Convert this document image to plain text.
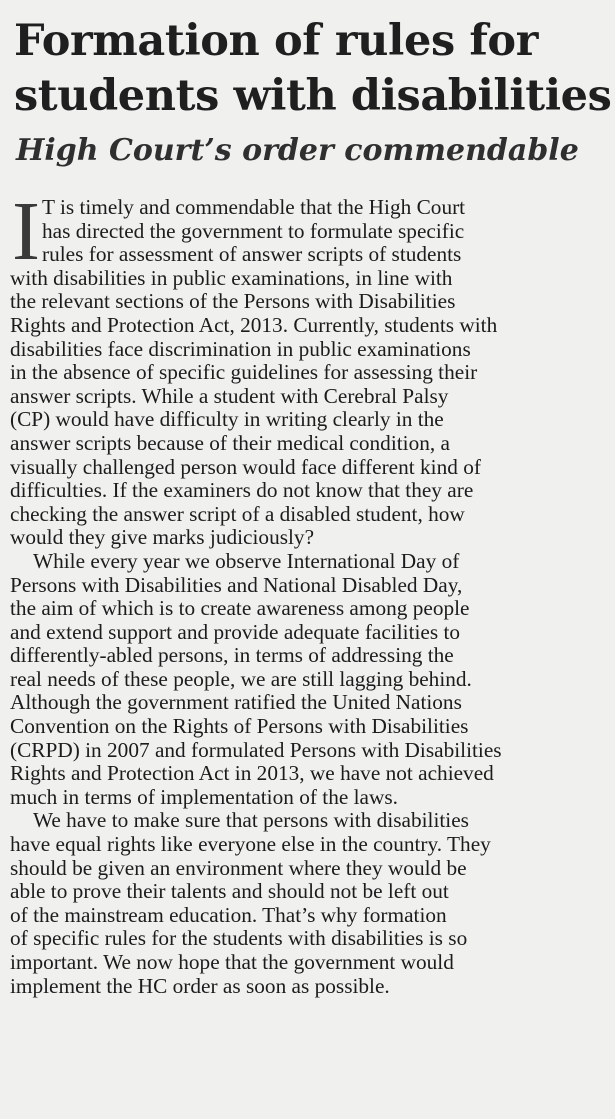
Formation of rules for
students with disabilities
High Court’s order commendable
I T is timely and commendable that the High Court
has directed the government to formulate specific
rules for assessment of answer scripts of students
with disabilities in public examinations, in line with
the relevant sections of the Persons with Disabilities
Rights and Protection Act, 2013. Currently, students with
disabilities face discrimination in public examinations
in the absence of specific guidelines for assessing their
answer scripts. While a student with Cerebral Palsy
(CP) would have difficulty in writing clearly in the
answer scripts because of their medical condition, a
visually challenged person would face different kind of
difficulties. If the examiners do not know that they are
checking the answer script of a disabled student, how
would they give marks judiciously?
While every year we observe International Day of
Persons with Disabilities and National Disabled Day,
the aim of which is to create awareness among people
and extend support and provide adequate facilities to
differently-abled persons, in terms of addressing the
real needs of these people, we are still lagging behind.
Although the government ratified the United Nations
Convention on the Rights of Persons with Disabilities
(CRPD) in 2007 and formulated Persons with Disabilities
Rights and Protection Act in 2013, we have not achieved
much in terms of implementation of the laws.
We have to make sure that persons with disabilities
have equal rights like everyone else in the country. They
should be given an environment where they would be
able to prove their talents and should not be left out
of the mainstream education. That’s why formation
of specific rules for the students with disabilities is so
important. We now hope that the government would
implement the HC order as soon as possible.
